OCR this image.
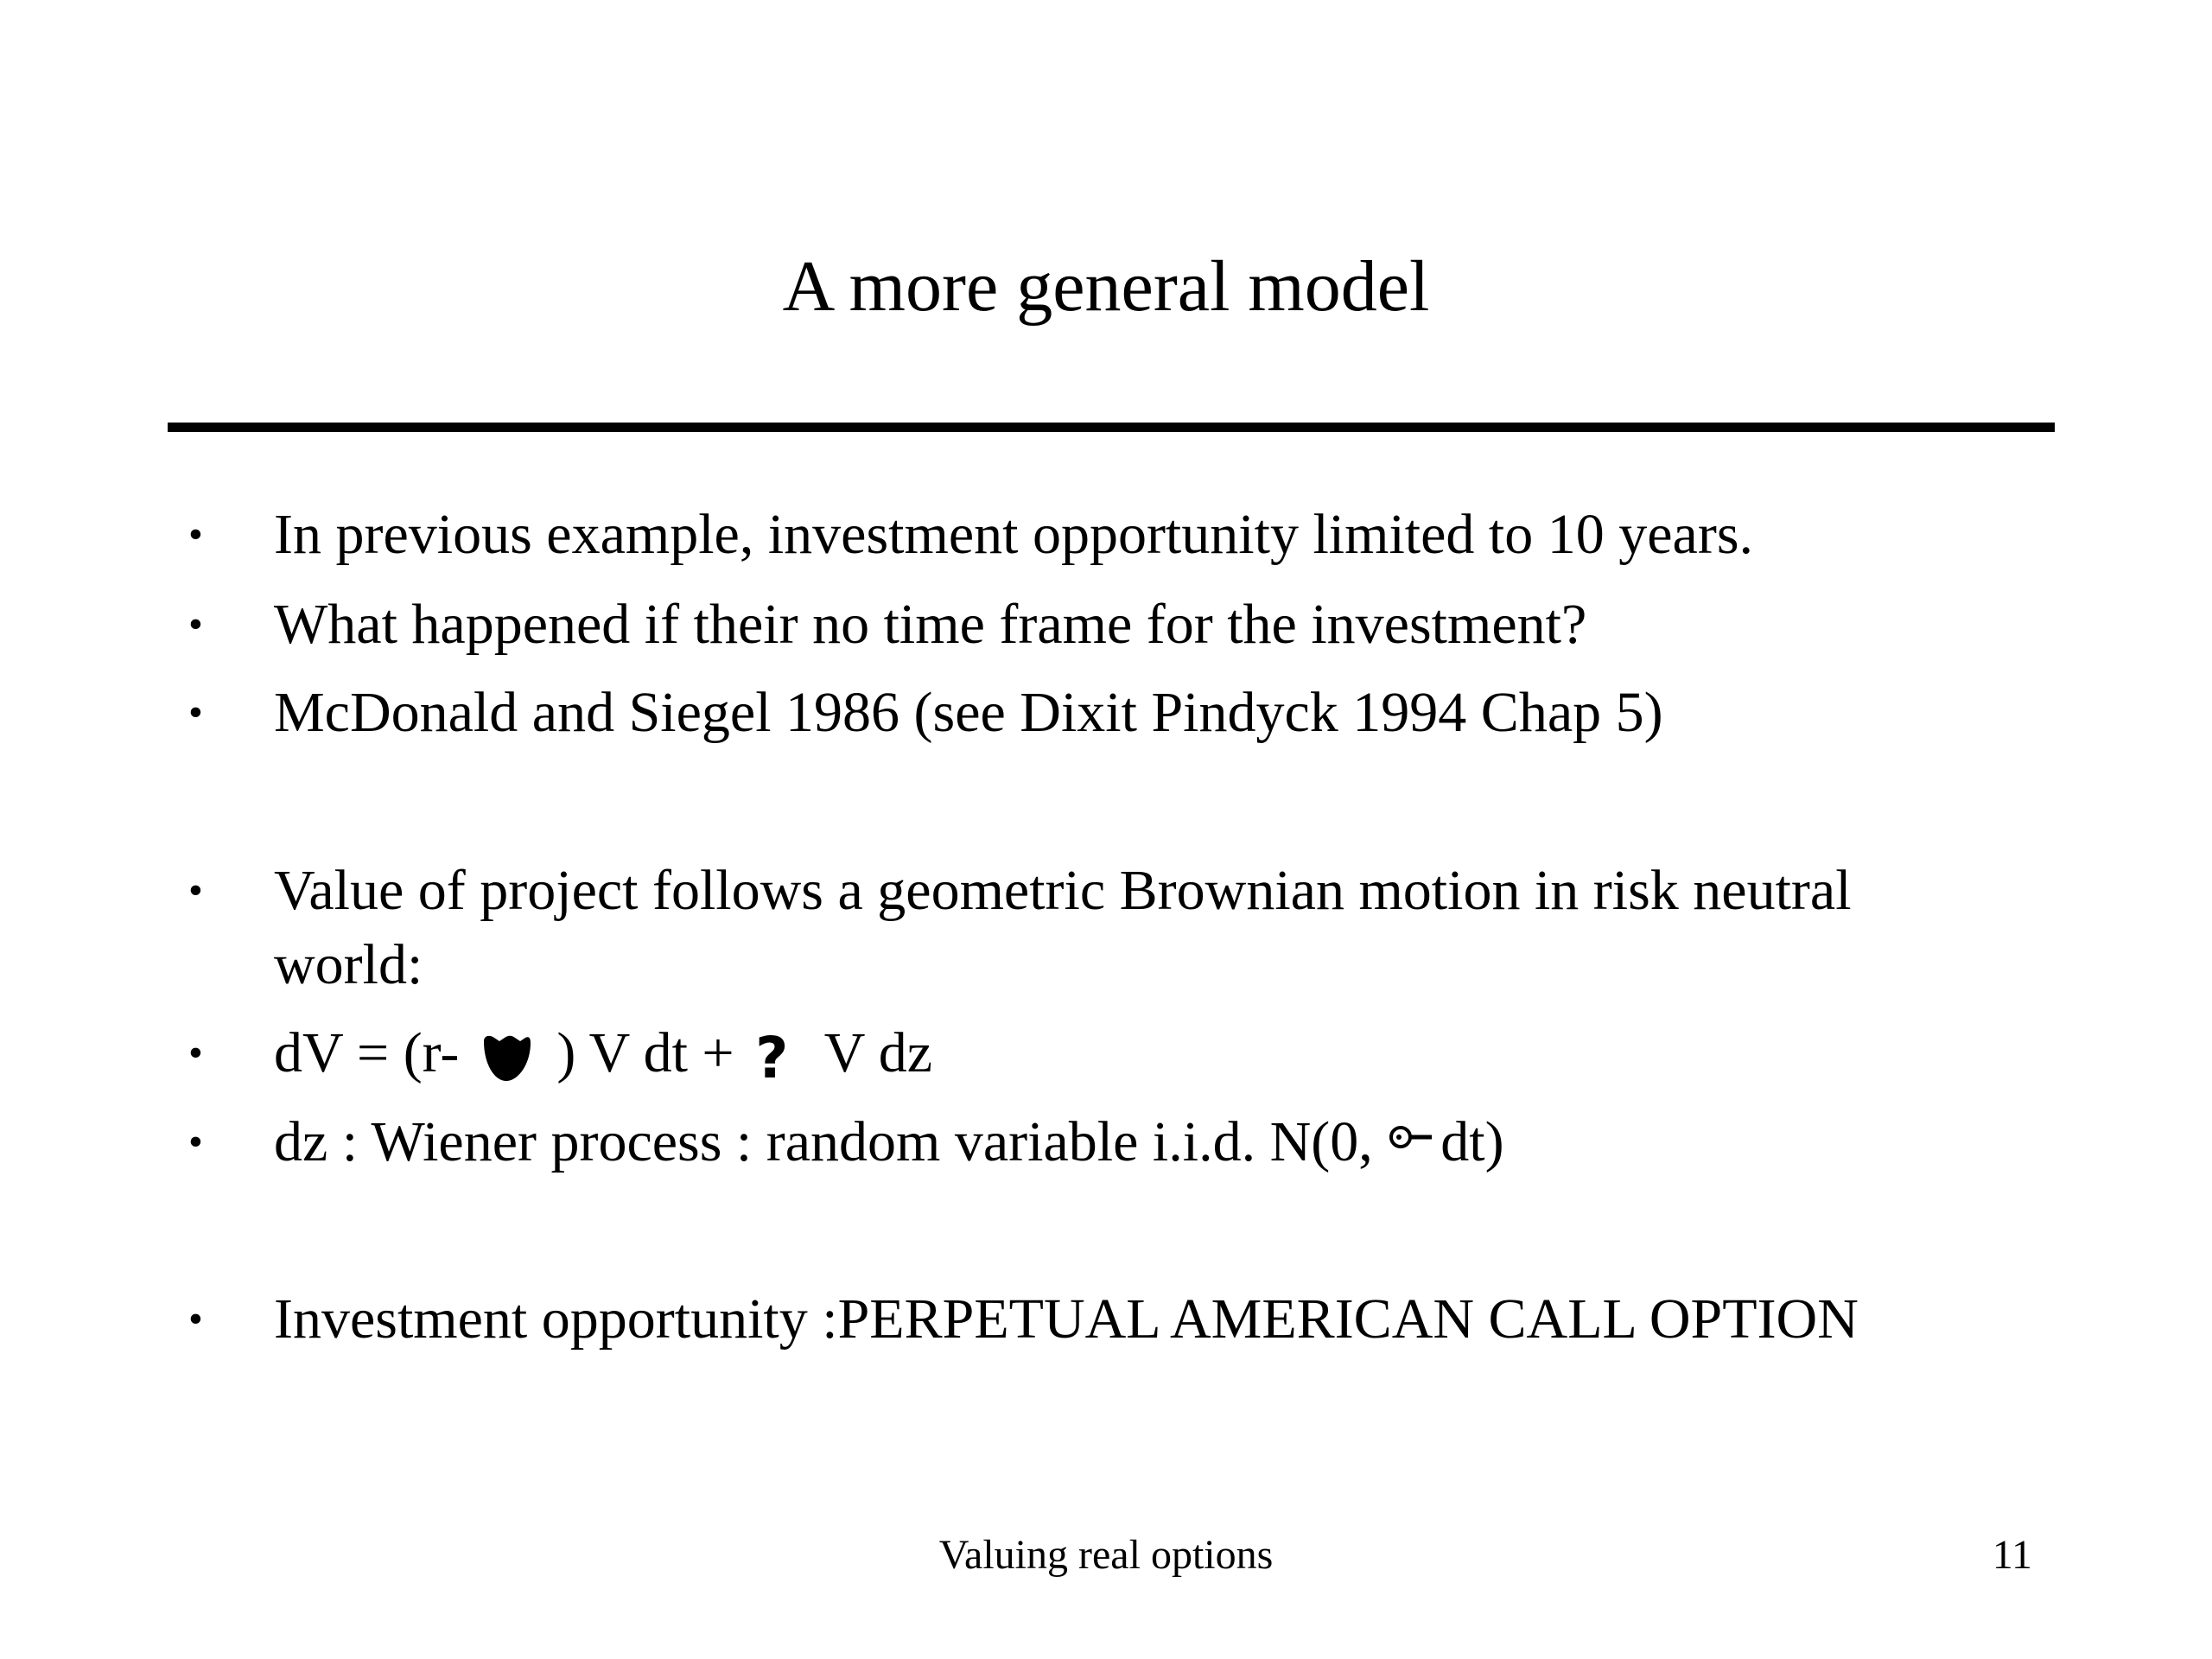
A more general model
• In previous example, investment opportunity limited to 10 years.
• What happened if their no time frame for the investment?
• McDonald and Siegel 1986 (see Dixit Pindyck 1994 Chap 5)
• Value of project follows a geometric Brownian motion in risk neutral world:
• dV = (r-  ) V dt + ? V dz
• dz : Wiener process : random variable i.i.d. N(0, dt)
• Investment opportunity :PERPETUAL AMERICAN CALL OPTION
Valuing real options	11
